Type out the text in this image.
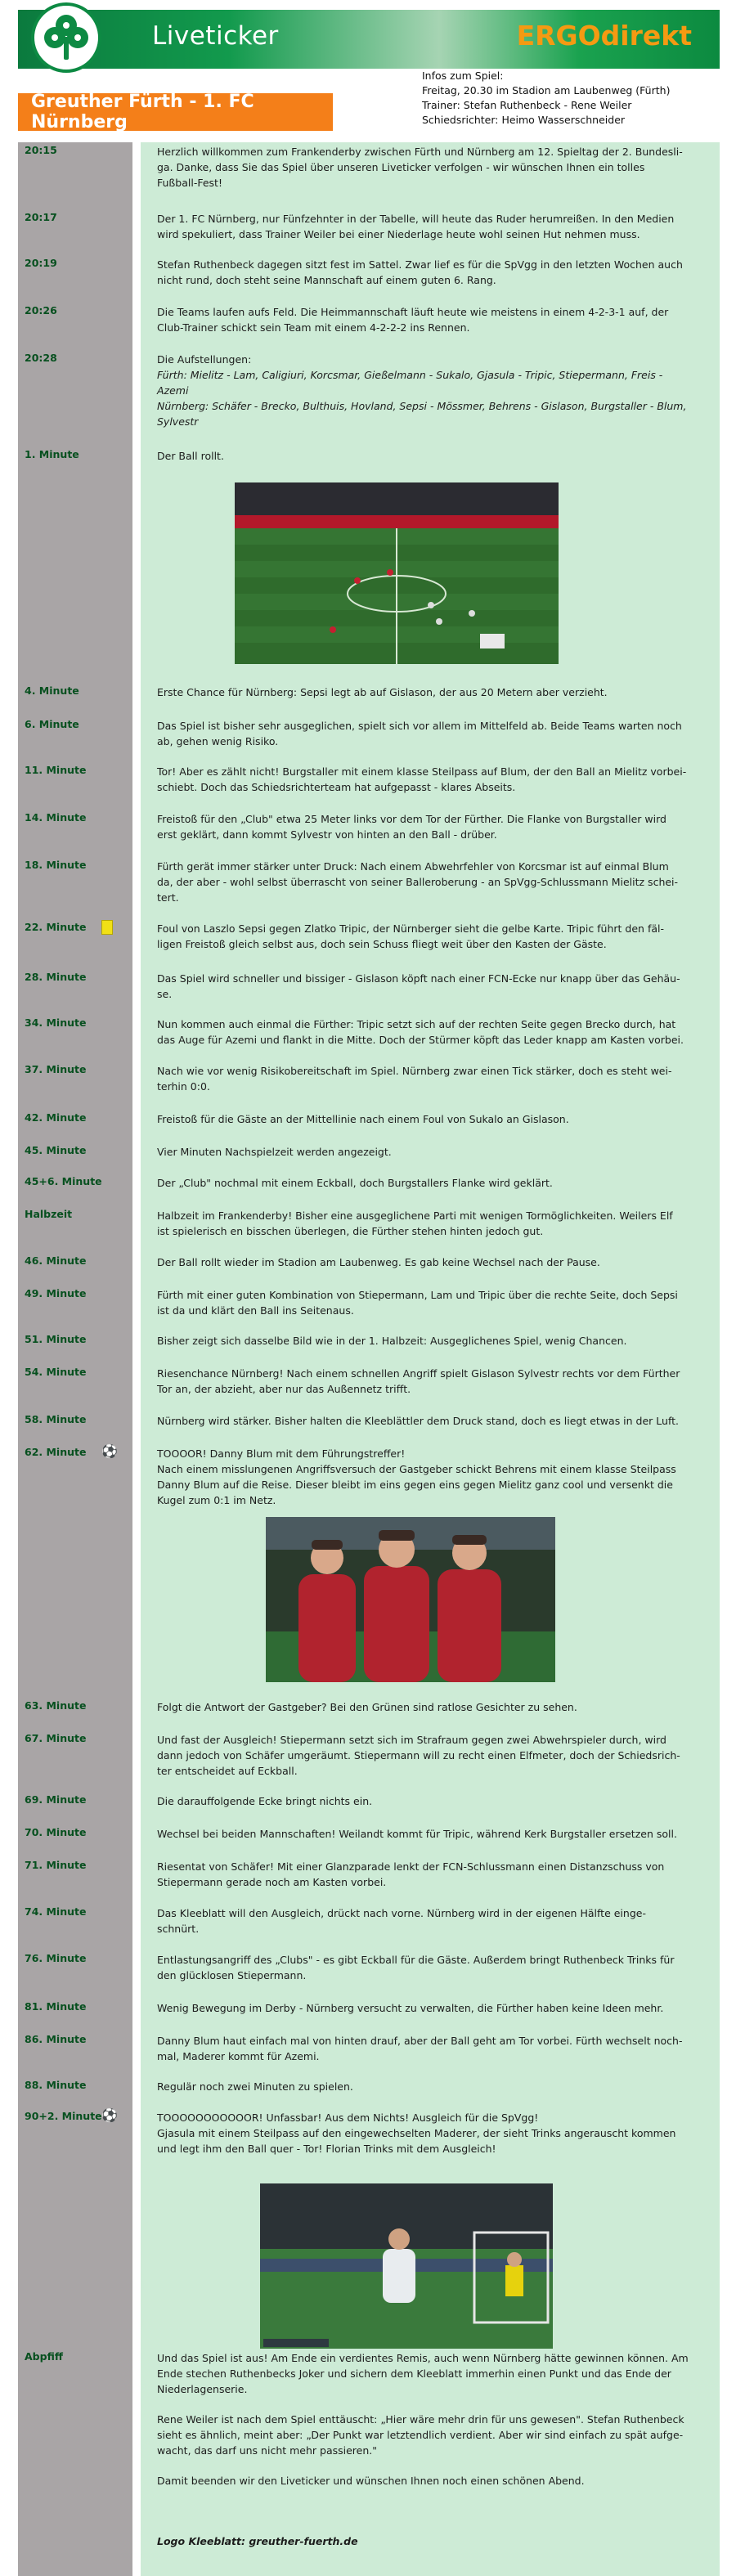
Liveticker	ERGOdirekt
Greuther Fürth - 1. FC Nürnberg
Infos zum Spiel:
Freitag, 20.30 im Stadion am Laubenweg (Fürth)
Trainer: Stefan Ruthenbeck - Rene Weiler
Schiedsrichter: Heimo Wasserschneider
20:15	Herzlich willkommen zum Frankenderby zwischen Fürth und Nürnberg am 12. Spieltag der 2. Bundesli-

ga. Danke, dass Sie das Spiel über unseren Liveticker verfolgen - wir wünschen Ihnen ein tolles

Fußball-Fest!

20:17	Der 1. FC Nürnberg, nur Fünfzehnter in der Tabelle, will heute das Ruder herumreißen. In den Medien

wird spekuliert, dass Trainer Weiler bei einer Niederlage heute wohl seinen Hut nehmen muss.

20:19	Stefan Ruthenbeck dagegen sitzt fest im Sattel. Zwar lief es für die SpVgg in den letzten Wochen auch

nicht rund, doch steht seine Mannschaft auf einem guten 6. Rang.

20:26	Die Teams laufen aufs Feld. Die Heimmannschaft läuft heute wie meistens in einem 4-2-3-1 auf, der

Club-Trainer schickt sein Team mit einem 4-2-2-2 ins Rennen.

20:28	Die Aufstellungen:

Fürth: Mielitz - Lam, Caligiuri, Korcsmar, Gießelmann - Sukalo, Gjasula - Tripic, Stiepermann, Freis -

Azemi

Nürnberg: Schäfer - Brecko, Bulthuis, Hovland, Sepsi - Mössmer, Behrens - Gislason, Burgstaller - Blum,

Sylvestr

1. Minute	Der Ball rollt.

4. Minute	Erste Chance für Nürnberg: Sepsi legt ab auf Gislason, der aus 20 Metern aber verzieht.

6. Minute	Das Spiel ist bisher sehr ausgeglichen, spielt sich vor allem im Mittelfeld ab. Beide Teams warten noch

ab, gehen wenig Risiko.

11. Minute	Tor! Aber es zählt nicht! Burgstaller mit einem klasse Steilpass auf Blum, der den Ball an Mielitz vorbei-

schiebt. Doch das Schiedsrichterteam hat aufgepasst - klares Abseits.

14. Minute	Freistoß für den „Club" etwa 25 Meter links vor dem Tor der Fürther. Die Flanke von Burgstaller wird

erst geklärt, dann kommt Sylvestr von hinten an den Ball - drüber.

18. Minute	Fürth gerät immer stärker unter Druck: Nach einem Abwehrfehler von Korcsmar ist auf einmal Blum

da, der aber - wohl selbst überrascht von seiner Balleroberung - an SpVgg-Schlussmann Mielitz schei-

tert.

22. Minute	Foul von Laszlo Sepsi gegen Zlatko Tripic, der Nürnberger sieht die gelbe Karte. Tripic führt den fäl-

ligen Freistoß gleich selbst aus, doch sein Schuss fliegt weit über den Kasten der Gäste.

28. Minute	Das Spiel wird schneller und bissiger - Gislason köpft nach einer FCN-Ecke nur knapp über das Gehäu-

se.

34. Minute	Nun kommen auch einmal die Fürther: Tripic setzt sich auf der rechten Seite gegen Brecko durch, hat

das Auge für Azemi und flankt in die Mitte. Doch der Stürmer köpft das Leder knapp am Kasten vorbei.

37. Minute	Nach wie vor wenig Risikobereitschaft im Spiel. Nürnberg zwar einen Tick stärker, doch es steht wei-

terhin 0:0.

42. Minute	Freistoß für die Gäste an der Mittellinie nach einem Foul von Sukalo an Gislason.

45. Minute	Vier Minuten Nachspielzeit werden angezeigt.

45+6. Minute	Der „Club" nochmal mit einem Eckball, doch Burgstallers Flanke wird geklärt.

Halbzeit	Halbzeit im Frankenderby! Bisher eine ausgeglichene Parti mit wenigen Tormöglichkeiten. Weilers Elf

ist spielerisch en bisschen überlegen, die Fürther stehen hinten jedoch gut.

46. Minute	Der Ball rollt wieder im Stadion am Laubenweg. Es gab keine Wechsel nach der Pause.

49. Minute	Fürth mit einer guten Kombination von Stiepermann, Lam und Tripic über die rechte Seite, doch Sepsi

ist da und klärt den Ball ins Seitenaus.

51. Minute	Bisher zeigt sich dasselbe Bild wie in der 1. Halbzeit: Ausgeglichenes Spiel, wenig Chancen.

54. Minute	Riesenchance Nürnberg! Nach einem schnellen Angriff spielt Gislason Sylvestr rechts vor dem Fürther

Tor an, der abzieht, aber nur das Außennetz trifft.

58. Minute	Nürnberg wird stärker. Bisher halten die Kleeblättler dem Druck stand, doch es liegt etwas in der Luft.

62. Minute ⚽	TOOOOR! Danny Blum mit dem Führungstreffer!

Nach einem misslungenen Angriffsversuch der Gastgeber schickt Behrens mit einem klasse Steilpass

Danny Blum auf die Reise. Dieser bleibt im eins gegen eins gegen Mielitz ganz cool und versenkt die

Kugel zum 0:1 im Netz.

63. Minute	Folgt die Antwort der Gastgeber? Bei den Grünen sind ratlose Gesichter zu sehen.

67. Minute	Und fast der Ausgleich! Stiepermann setzt sich im Strafraum gegen zwei Abwehrspieler durch, wird

dann jedoch von Schäfer umgeräumt. Stiepermann will zu recht einen Elfmeter, doch der Schiedsrich-

ter entscheidet auf Eckball.

69. Minute	Die darauffolgende Ecke bringt nichts ein.

70. Minute	Wechsel bei beiden Mannschaften! Weilandt kommt für Tripic, während Kerk Burgstaller ersetzen soll.

71. Minute	Riesentat von Schäfer! Mit einer Glanzparade lenkt der FCN-Schlussmann einen Distanzschuss von

Stiepermann gerade noch am Kasten vorbei.

74. Minute	Das Kleeblatt will den Ausgleich, drückt nach vorne. Nürnberg wird in der eigenen Hälfte einge-

schnürt.

76. Minute	Entlastungsangriff des „Clubs" - es gibt Eckball für die Gäste. Außerdem bringt Ruthenbeck Trinks für

den glücklosen Stiepermann.

81. Minute	Wenig Bewegung im Derby - Nürnberg versucht zu verwalten, die Fürther haben keine Ideen mehr.

86. Minute	Danny Blum haut einfach mal von hinten drauf, aber der Ball geht am Tor vorbei. Fürth wechselt noch-

mal, Maderer kommt für Azemi.

88. Minute	Regulär noch zwei Minuten zu spielen.

90+2. Minute ⚽	TOOOOOOOOOOOR! Unfassbar! Aus dem Nichts! Ausgleich für die SpVgg!

Gjasula mit einem Steilpass auf den eingewechselten Maderer, der sieht Trinks angerauscht kommen

und legt ihm den Ball quer - Tor! Florian Trinks mit dem Ausgleich!

Abpfiff	Und das Spiel ist aus! Am Ende ein verdientes Remis, auch wenn Nürnberg hätte gewinnen können. Am

Ende stechen Ruthenbecks Joker und sichern dem Kleeblatt immerhin einen Punkt und das Ende der

Niederlagenserie.

Rene Weiler ist nach dem Spiel enttäuscht: „Hier wäre mehr drin für uns gewesen". Stefan Ruthenbeck

sieht es ähnlich, meint aber: „Der Punkt war letztendlich verdient. Aber wir sind einfach zu spät aufge-

wacht, das darf uns nicht mehr passieren."

Damit beenden wir den Liveticker und wünschen Ihnen noch einen schönen Abend.

Logo Kleeblatt: greuther-fuerth.de
